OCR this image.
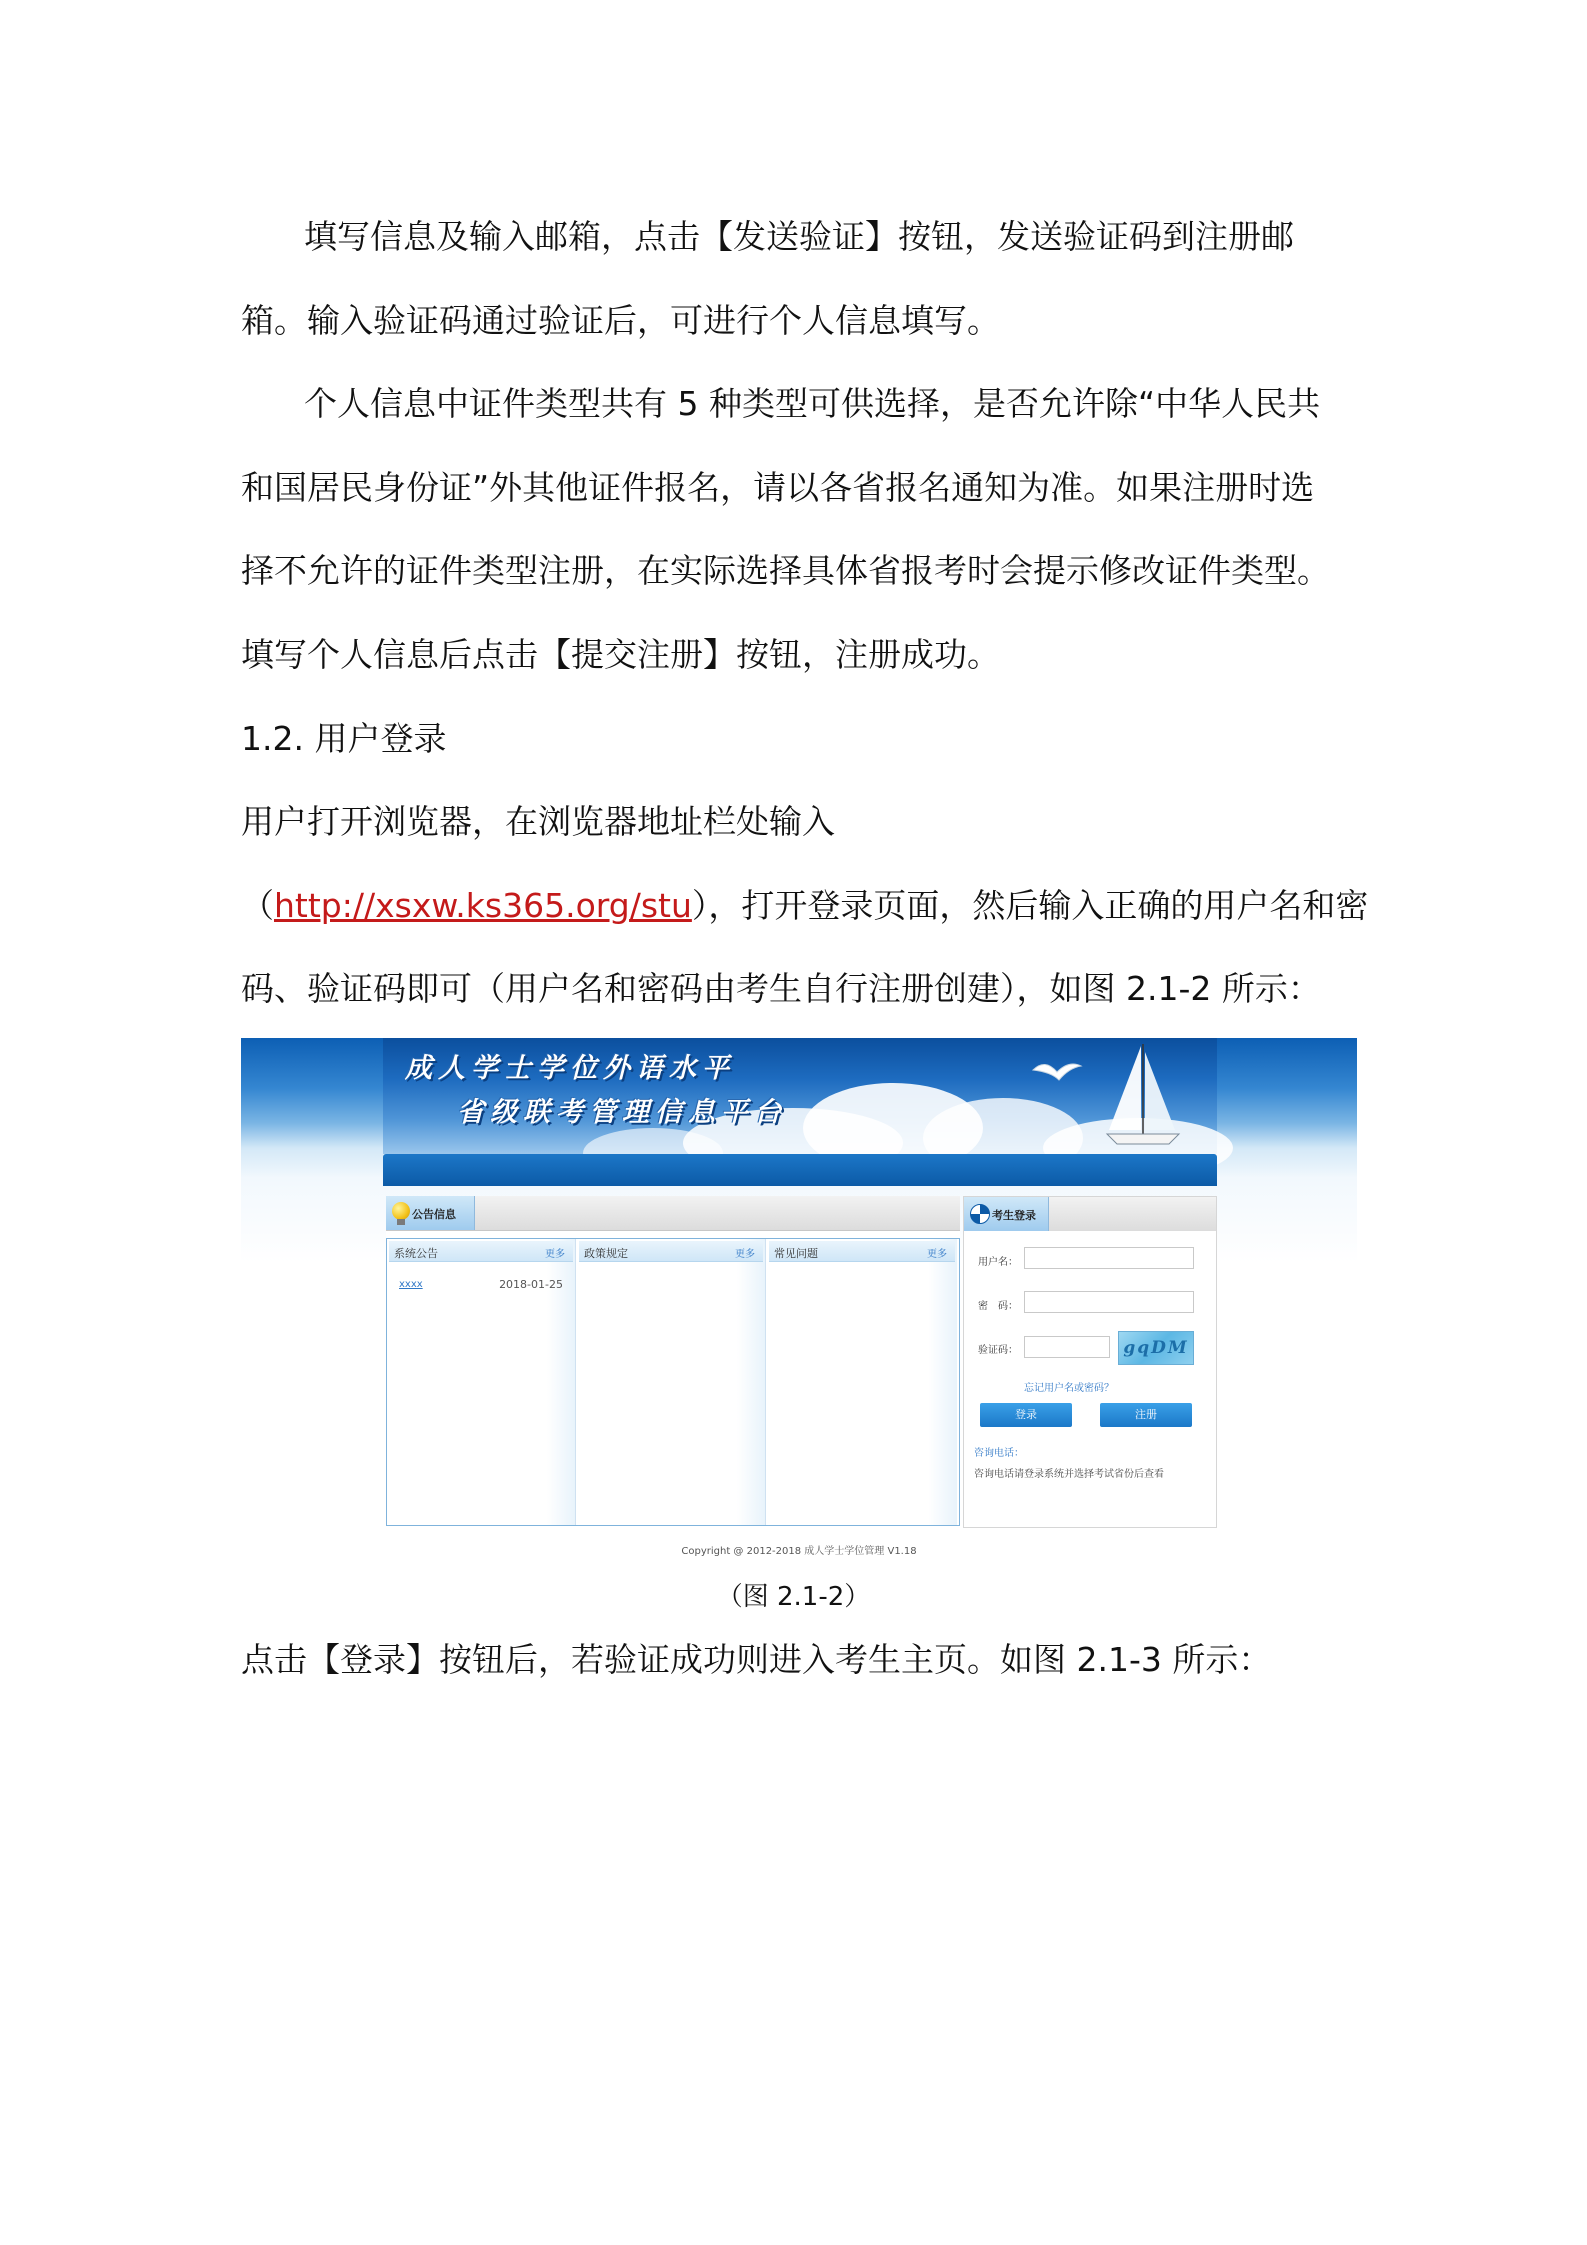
填写信息及输入邮箱，点击【发送验证】按钮，发送验证码到注册邮
箱。输入验证码通过验证后，可进行个人信息填写。
个人信息中证件类型共有 5 种类型可供选择，是否允许除“中华人民共
和国居民身份证”外其他证件报名，请以各省报名通知为准。如果注册时选
择不允许的证件类型注册，在实际选择具体省报考时会提示修改证件类型。
填写个人信息后点击【提交注册】按钮，注册成功。
1.2. 用户登录
用户打开浏览器，在浏览器地址栏处输入
（http://xsxw.ks365.org/stu），打开登录页面，然后输入正确的用户名和密
码、验证码即可（用户名和密码由考生自行注册创建），如图 2.1-2 所示：
成人学士学位外语水平
省级联考管理信息平台
公告信息
系统公告	更多
xxxx	2018-01-25
政策规定	更多 常见问题	更多
考生登录
用户名：
密　码：
验证码：	gqDM
忘记用户名或密码？
登录	注册
咨询电话：
咨询电话请登录系统并选择考试省份后查看
Copyright @ 2012-2018 成人学士学位管理 V1.18
（图 2.1-2）
点击【登录】按钮后，若验证成功则进入考生主页。如图 2.1-3 所示：
